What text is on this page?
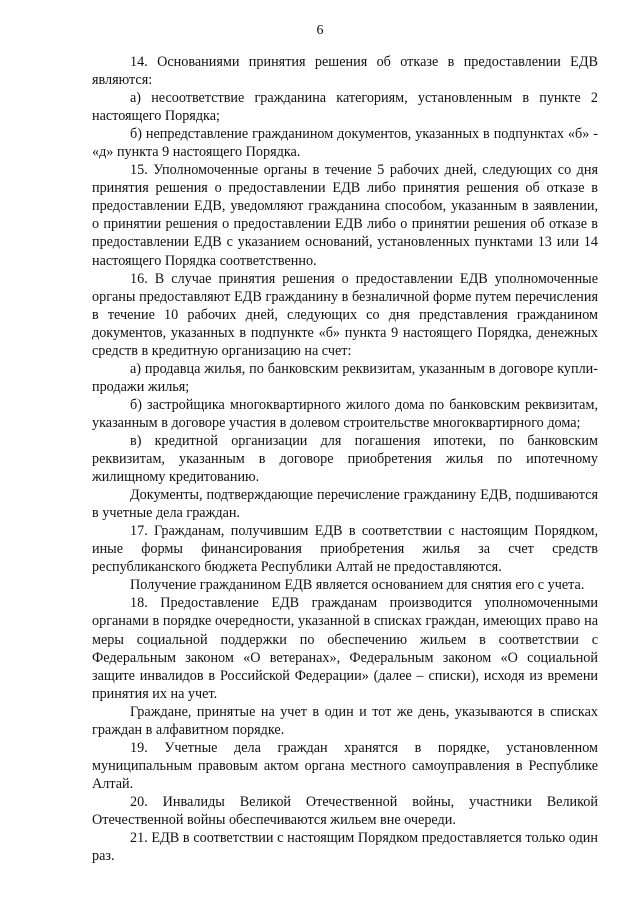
6

14. Основаниями принятия решения об отказе в предоставлении ЕДВ являются:

а) несоответствие гражданина категориям, установленным в пункте 2 настоящего Порядка;

б) непредставление гражданином документов, указанных в подпунктах «б» - «д» пункта 9 настоящего Порядка.

15. Уполномоченные органы в течение 5 рабочих дней, следующих со дня принятия решения о предоставлении ЕДВ либо принятия решения об отказе в предоставлении ЕДВ, уведомляют гражданина способом, указанным в заявлении, о принятии решения о предоставлении ЕДВ либо о принятии решения об отказе в предоставлении ЕДВ с указанием оснований, установленных пунктами 13 или 14 настоящего Порядка соответственно.

16. В случае принятия решения о предоставлении ЕДВ уполномоченные органы предоставляют ЕДВ гражданину в безналичной форме путем перечисления в течение 10 рабочих дней, следующих со дня представления гражданином документов, указанных в подпункте «б» пункта 9 настоящего Порядка, денежных средств в кредитную организацию на счет:

а) продавца жилья, по банковским реквизитам, указанным в договоре купли-продажи жилья;

б) застройщика многоквартирного жилого дома по банковским реквизитам, указанным в договоре участия в долевом строительстве многоквартирного дома;

в) кредитной организации для погашения ипотеки, по банковским реквизитам, указанным в договоре приобретения жилья по ипотечному жилищному кредитованию.

Документы, подтверждающие перечисление гражданину ЕДВ, подшиваются в учетные дела граждан.

17. Гражданам, получившим ЕДВ в соответствии с настоящим Порядком, иные формы финансирования приобретения жилья за счет средств республиканского бюджета Республики Алтай не предоставляются.

Получение гражданином ЕДВ является основанием для снятия его с учета.

18. Предоставление ЕДВ гражданам производится уполномоченными органами в порядке очередности, указанной в списках граждан, имеющих право на меры социальной поддержки по обеспечению жильем в соответствии с Федеральным законом «О ветеранах», Федеральным законом «О социальной защите инвалидов в Российской Федерации» (далее – списки), исходя из времени принятия их на учет.

Граждане, принятые на учет в один и тот же день, указываются в списках граждан в алфавитном порядке.

19. Учетные дела граждан хранятся в порядке, установленном муниципальным правовым актом органа местного самоуправления в Республике Алтай.

20. Инвалиды Великой Отечественной войны, участники Великой Отечественной войны обеспечиваются жильем вне очереди.

21. ЕДВ в соответствии с настоящим Порядком предоставляется только один раз.
